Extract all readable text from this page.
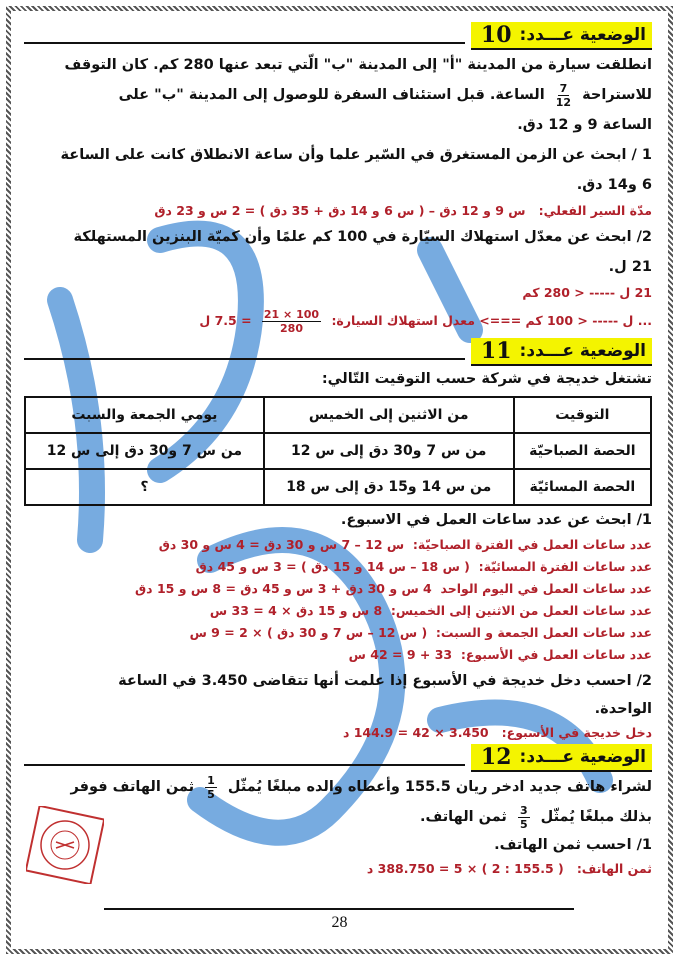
الوضعية عـــدد:
10

انطلقت سيارة من المدينة "أ" إلى المدينة "ب" الّتي تبعد عنها 280 كم. كان التوقف

للاستراحة
$\frac{7}{12}$
الساعة. قبل استئناف السفرة للوصول إلى المدينة "ب" على

الساعة 9 و 12 دق.

1 / ابحث عن الزمن المستغرق في السّير علما وأن ساعة الانطلاق كانت على الساعة

6 و14 دق.

مدّة السير الفعلي:   س 9 و 12 دق – ( س 6 و 14 دق + 35 دق ) = 2 س و 23 دق

2/ ابحث عن معدّل استهلاك السيّارة في 100 كم علمًا وأن كميّة البنزين المستهلكة

21 ل.

21 ل ----- < 280 كم
... ل ----- < 100 كم ===> معدل استهلاك السيارة:
$\frac{100 \times 21}{280}$
= 7.5 ل
الوضعية عـــدد:
11

تشتغل خديجة في شركة حسب التوقيت التّالي:

التوقيت	من الاثنين إلى الخميس	يومي الجمعة والسبت
الحصة الصباحيّة	من س 7 و30 دق إلى س 12	من س 7 و30 دق إلى س 12
الحصة المسائيّة	من س 14 و15 دق إلى س 18	؟

1/ ابحث عن عدد ساعات العمل في الاسبوع.

عدد ساعات العمل في الفترة الصباحيّة:  س 12 – 7 س و 30 دق = 4 س و 30 دق
عدد ساعات الفترة المسائيّة:  ( س 18 – س 14 و 15 دق ) = 3 س و 45 دق
عدد ساعات العمل في اليوم الواحد  4 س و 30 دق + 3 س و 45 دق = 8 س و 15 دق
عدد ساعات العمل من الاثنين إلى الخميس:  8 س و 15 دق × 4 = 33 س
عدد ساعات العمل الجمعة و السبت:  ( س 12 – س 7 و 30 دق ) × 2 = 9 س
عدد ساعات العمل في الأسبوع:  33 + 9 = 42 س

2/ احسب دخل خديجة في الأسبوع إذا علمت أنها تتقاضى 3.450 في الساعة

الواحدة.

دخل خديجة في الأسبوع:   3.450 × 42 = 144.9 د
الوضعية عـــدد:
12

لشراء هاتف جديد ادخر ريان 155.5 وأعطاه والده مبلغًا يُمثّل
$\frac{1}{5}$
ثمن الهاتف فوفر

بذلك مبلغًا يُمثّل
$\frac{3}{5}$
ثمن الهاتف.

1/ احسب ثمن الهاتف.

ثمن الهاتف:   ( 155.5 : 2 ) × 5 = 388.750 د
28
